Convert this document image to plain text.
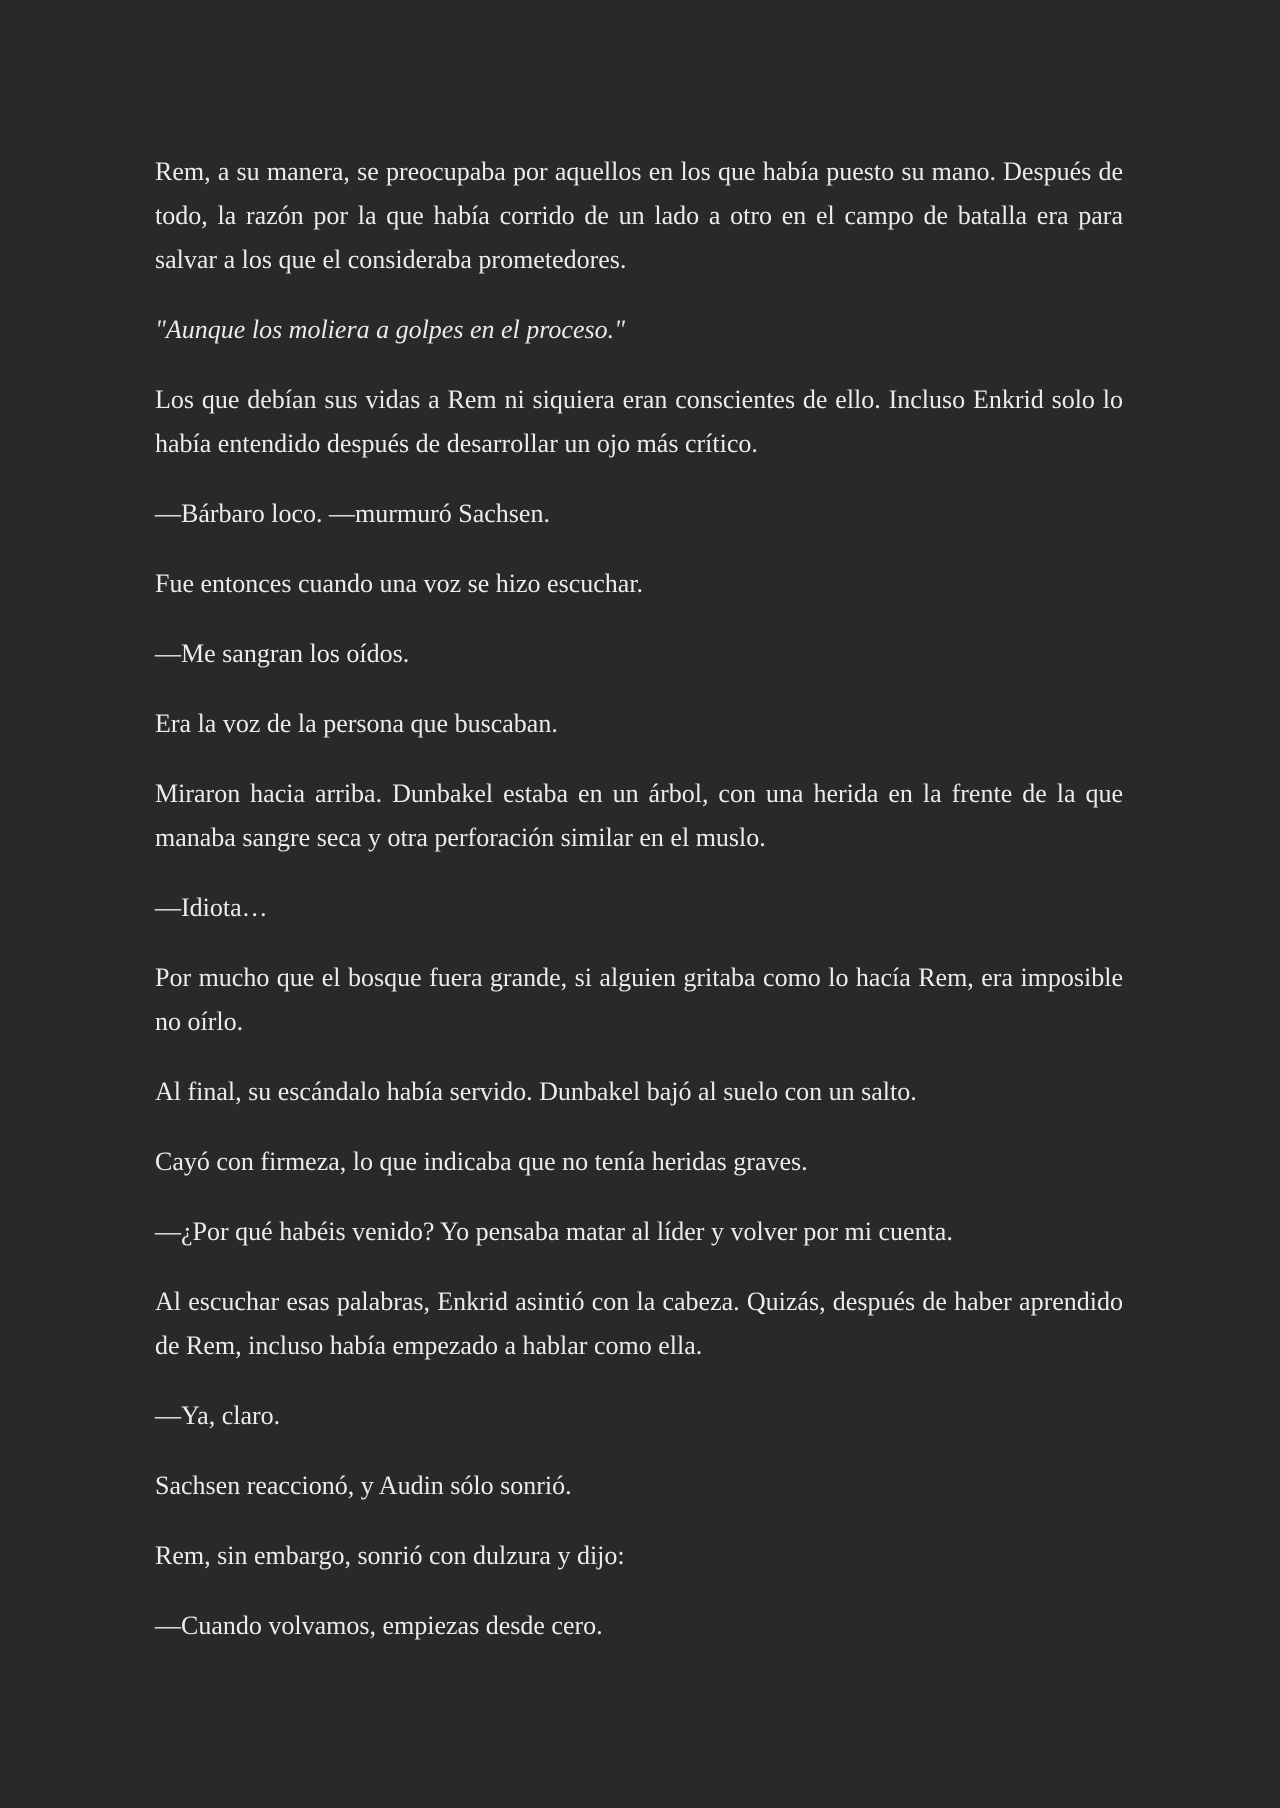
Rem, a su manera, se preocupaba por aquellos en los que había puesto su mano. Después de todo, la razón por la que había corrido de un lado a otro en el campo de batalla era para salvar a los que el consideraba prometedores.

"Aunque los moliera a golpes en el proceso."

Los que debían sus vidas a Rem ni siquiera eran conscientes de ello. Incluso Enkrid solo lo había entendido después de desarrollar un ojo más crítico.

—Bárbaro loco. —murmuró Sachsen.

Fue entonces cuando una voz se hizo escuchar.

—Me sangran los oídos.

Era la voz de la persona que buscaban.

Miraron hacia arriba. Dunbakel estaba en un árbol, con una herida en la frente de la que manaba sangre seca y otra perforación similar en el muslo.

—Idiota…

Por mucho que el bosque fuera grande, si alguien gritaba como lo hacía Rem, era imposible no oírlo.

Al final, su escándalo había servido. Dunbakel bajó al suelo con un salto.

Cayó con firmeza, lo que indicaba que no tenía heridas graves.

—¿Por qué habéis venido? Yo pensaba matar al líder y volver por mi cuenta.

Al escuchar esas palabras, Enkrid asintió con la cabeza. Quizás, después de haber aprendido de Rem, incluso había empezado a hablar como ella.

—Ya, claro.

Sachsen reaccionó, y Audin sólo sonrió.

Rem, sin embargo, sonrió con dulzura y dijo:

—Cuando volvamos, empiezas desde cero.
